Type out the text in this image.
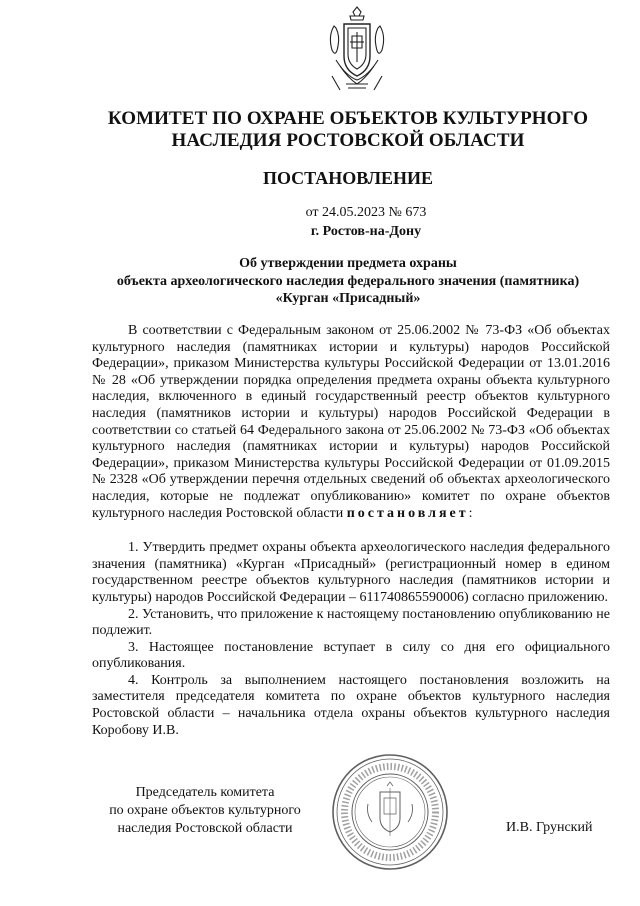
КОМИТЕТ ПО ОХРАНЕ ОБЪЕКТОВ КУЛЬТУРНОГО
НАСЛЕДИЯ РОСТОВСКОЙ ОБЛАСТИ
ПОСТАНОВЛЕНИЕ
от 24.05.2023 № 673
г. Ростов-на-Дону
Об утверждении предмета охраны
объекта археологического наследия федерального значения (памятника)
«Курган «Присадный»

В соответствии с Федеральным законом от 25.06.2002 № 73-ФЗ «Об объектах культурного наследия (памятниках истории и культуры) народов Российской Федерации», приказом Министерства культуры Российской Федерации от 13.01.2016 № 28 «Об утверждении порядка определения предмета охраны объекта культурного наследия, включенного в единый государственный реестр объектов культурного наследия (памятников истории и культуры) народов Российской Федерации в соответствии со статьей 64 Федерального закона от 25.06.2002 № 73-ФЗ «Об объектах культурного наследия (памятниках истории и культуры) народов Российской Федерации», приказом Министерства культуры Российской Федерации от 01.09.2015 № 2328 «Об утверждении перечня отдельных сведений об объектах археологического наследия, которые не подлежат опубликованию» комитет по охране объектов культурного наследия Ростовской области постановляет:

1. Утвердить предмет охраны объекта археологического наследия федерального значения (памятника) «Курган «Присадный» (регистрационный номер в едином государственном реестре объектов культурного наследия (памятников истории и культуры) народов Российской Федерации – 611740865590006) согласно приложению.

2. Установить, что приложение к настоящему постановлению опубликованию не подлежит.

3. Настоящее постановление вступает в силу со дня его официального опубликования.

4. Контроль за выполнением настоящего постановления возложить на заместителя председателя комитета по охране объектов культурного наследия Ростовской области – начальника отдела охраны объектов культурного наследия Коробову И.В.

Председатель комитета
по охране объектов культурного
наследия Ростовской области	И.В. Грунский
